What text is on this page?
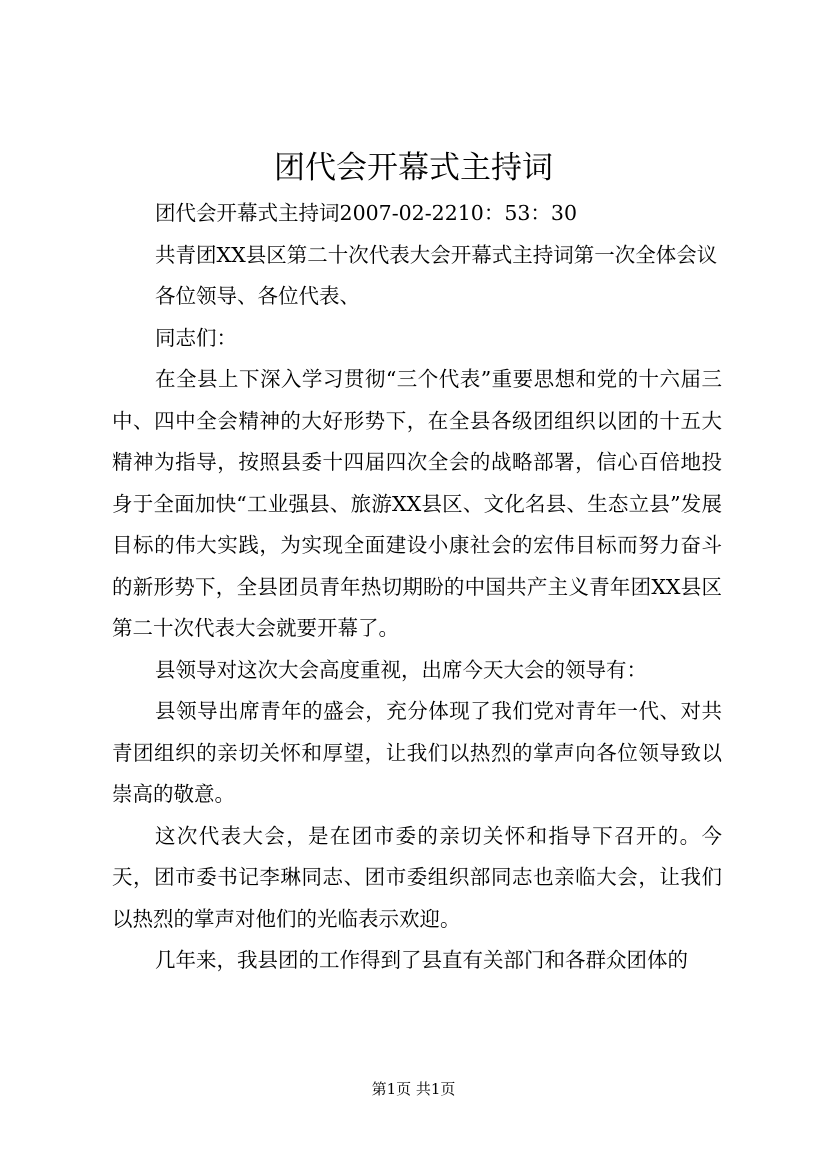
团代会开幕式主持词

团代会开幕式主持词2007-02-2210：53：30

共青团XX县区第二十次代表大会开幕式主持词第一次全体会议

各位领导、各位代表、

同志们：

在全县上下深入学习贯彻“三个代表”重要思想和党的十六届三中、四中全会精神的大好形势下，在全县各级团组织以团的十五大精神为指导，按照县委十四届四次全会的战略部署，信心百倍地投身于全面加快“工业强县、旅游XX县区、文化名县、生态立县”发展目标的伟大实践，为实现全面建设小康社会的宏伟目标而努力奋斗的新形势下，全县团员青年热切期盼的中国共产主义青年团XX县区第二十次代表大会就要开幕了。

县领导对这次大会高度重视，出席今天大会的领导有：

县领导出席青年的盛会，充分体现了我们党对青年一代、对共青团组织的亲切关怀和厚望，让我们以热烈的掌声向各位领导致以崇高的敬意。

这次代表大会，是在团市委的亲切关怀和指导下召开的。今天，团市委书记李琳同志、团市委组织部同志也亲临大会，让我们以热烈的掌声对他们的光临表示欢迎。

几年来，我县团的工作得到了县直有关部门和各群众团体的

第1页 共1页
